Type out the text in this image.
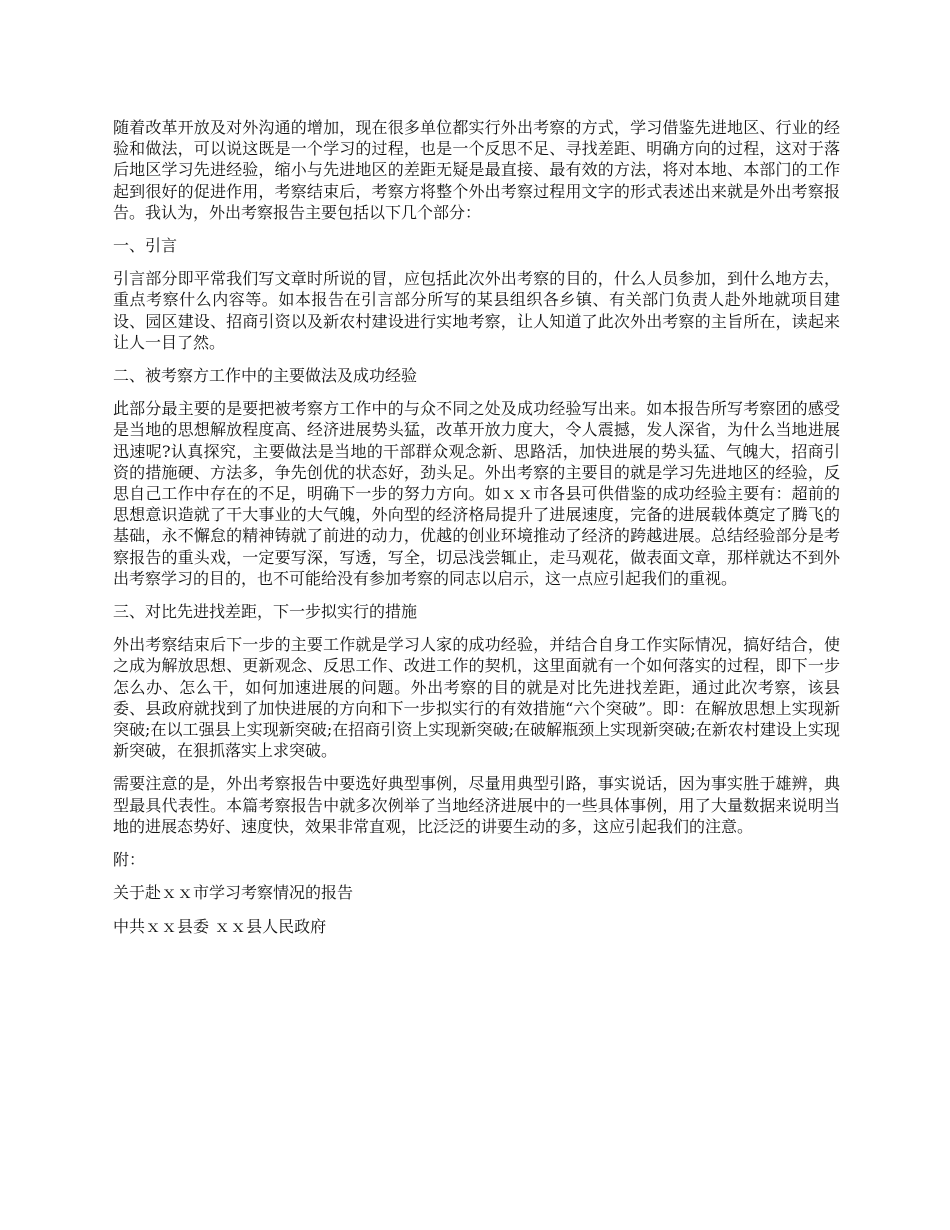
随着改革开放及对外沟通的增加，现在很多单位都实行外出考察的方式，学习借鉴先进地区、行业的经验和做法，可以说这既是一个学习的过程，也是一个反思不足、寻找差距、明确方向的过程，这对于落后地区学习先进经验，缩小与先进地区的差距无疑是最直接、最有效的方法，将对本地、本部门的工作起到很好的促进作用，考察结束后，考察方将整个外出考察过程用文字的形式表述出来就是外出考察报告。我认为，外出考察报告主要包括以下几个部分：

一、引言

引言部分即平常我们写文章时所说的冒，应包括此次外出考察的目的，什么人员参加，到什么地方去，重点考察什么内容等。如本报告在引言部分所写的某县组织各乡镇、有关部门负责人赴外地就项目建设、园区建设、招商引资以及新农村建设进行实地考察，让人知道了此次外出考察的主旨所在，读起来让人一目了然。

二、被考察方工作中的主要做法及成功经验

此部分最主要的是要把被考察方工作中的与众不同之处及成功经验写出来。如本报告所写考察团的感受是当地的思想解放程度高、经济进展势头猛，改革开放力度大，令人震撼，发人深省，为什么当地进展迅速呢?认真探究，主要做法是当地的干部群众观念新、思路活，加快进展的势头猛、气魄大，招商引资的措施硬、方法多，争先创优的状态好，劲头足。外出考察的主要目的就是学习先进地区的经验，反思自己工作中存在的不足，明确下一步的努力方向。如ｘｘ市各县可供借鉴的成功经验主要有：超前的思想意识造就了干大事业的大气魄，外向型的经济格局提升了进展速度，完备的进展载体奠定了腾飞的基础，永不懈怠的精神铸就了前进的动力，优越的创业环境推动了经济的跨越进展。总结经验部分是考察报告的重头戏，一定要写深，写透，写全，切忌浅尝辄止，走马观花，做表面文章，那样就达不到外出考察学习的目的，也不可能给没有参加考察的同志以启示，这一点应引起我们的重视。

三、对比先进找差距，下一步拟实行的措施

外出考察结束后下一步的主要工作就是学习人家的成功经验，并结合自身工作实际情况，搞好结合，使之成为解放思想、更新观念、反思工作、改进工作的契机，这里面就有一个如何落实的过程，即下一步怎么办、怎么干，如何加速进展的问题。外出考察的目的就是对比先进找差距，通过此次考察，该县委、县政府就找到了加快进展的方向和下一步拟实行的有效措施“六个突破”。即：在解放思想上实现新突破;在以工强县上实现新突破;在招商引资上实现新突破;在破解瓶颈上实现新突破;在新农村建设上实现新突破，在狠抓落实上求突破。

需要注意的是，外出考察报告中要选好典型事例，尽量用典型引路，事实说话，因为事实胜于雄辨，典型最具代表性。本篇考察报告中就多次例举了当地经济进展中的一些具体事例，用了大量数据来说明当地的进展态势好、速度快，效果非常直观，比泛泛的讲要生动的多，这应引起我们的注意。

附：

关于赴ｘｘ市学习考察情况的报告

中共ｘｘ县委 ｘｘ县人民政府
